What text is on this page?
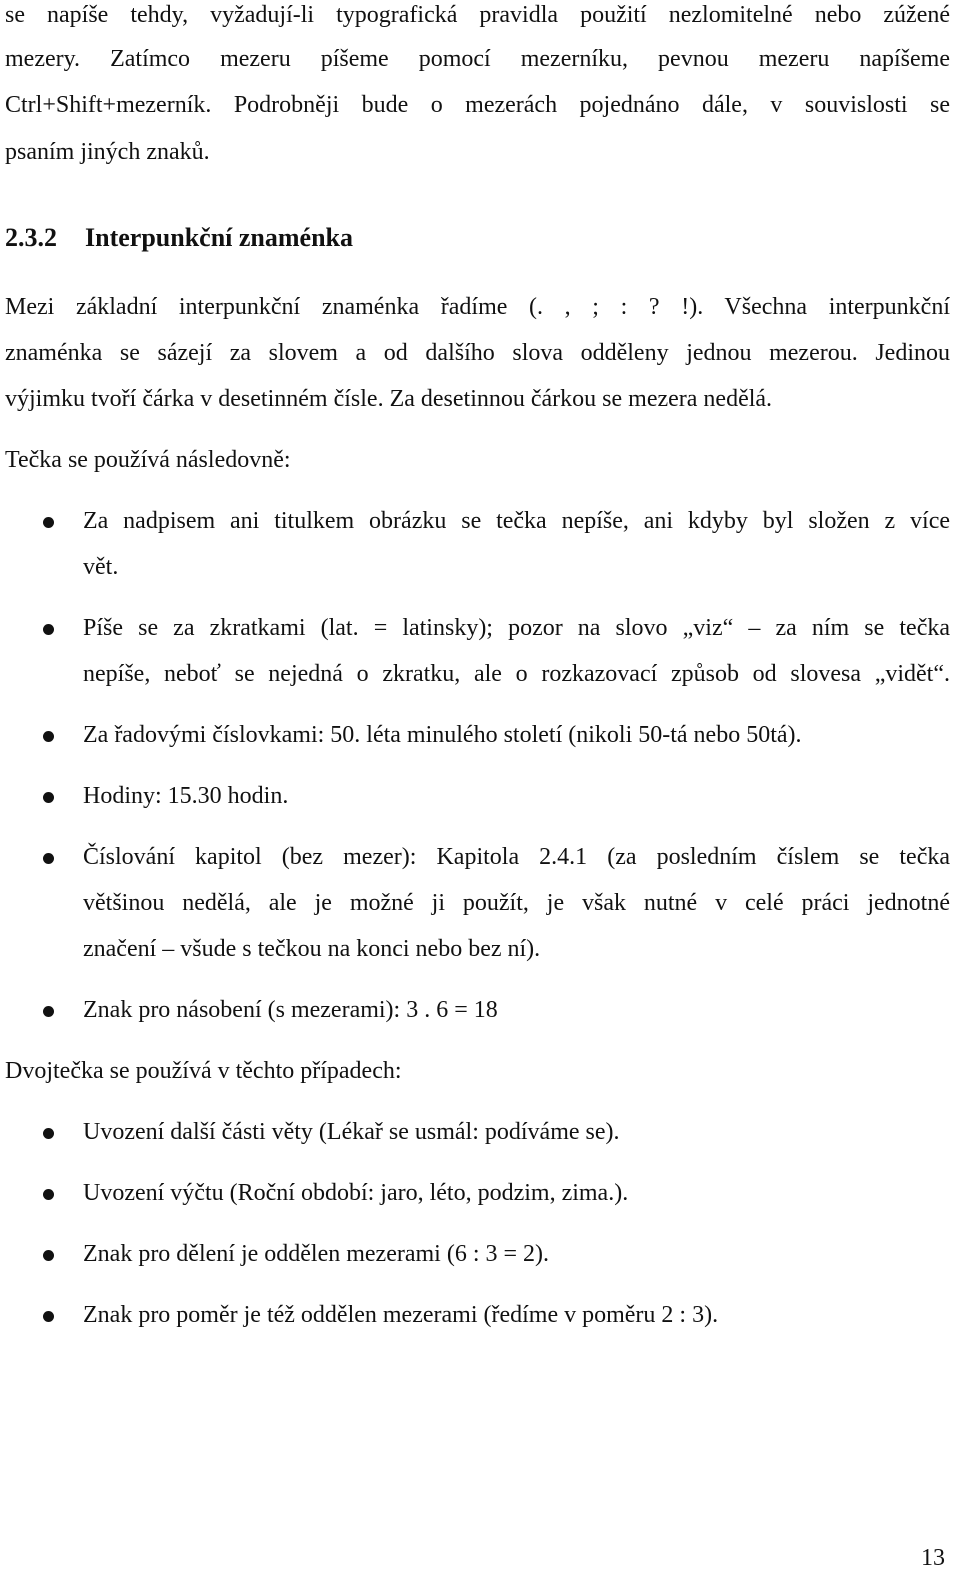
se napíše tehdy, vyžadují-li typografická pravidla použití nezlomitelné nebo zúžené
mezery. Zatímco mezeru píšeme pomocí mezerníku, pevnou mezeru napíšeme
Ctrl+Shift+mezerník. Podrobněji bude o mezerách pojednáno dále, v souvislosti se
psaním jiných znaků.
2.3.2 Interpunkční znaménka
Mezi základní interpunkční znaménka řadíme (. , ; : ? !). Všechna interpunkční
znaménka se sázejí za slovem a od dalšího slova odděleny jednou mezerou. Jedinou
výjimku tvoří čárka v desetinném čísle. Za desetinnou čárkou se mezera nedělá.
Tečka se používá následovně:
Za nadpisem ani titulkem obrázku se tečka nepíše, ani kdyby byl složen z více
vět.
Píše se za zkratkami (lat. = latinsky); pozor na slovo „viz“ – za ním se tečka
nepíše, neboť se nejedná o zkratku, ale o rozkazovací způsob od slovesa „vidět“.
Za řadovými číslovkami: 50. léta minulého století (nikoli 50-tá nebo 50tá).
Hodiny: 15.30 hodin.
Číslování kapitol (bez mezer): Kapitola 2.4.1 (za posledním číslem se tečka
většinou nedělá, ale je možné ji použít, je však nutné v celé práci jednotné
značení – všude s tečkou na konci nebo bez ní).
Znak pro násobení (s mezerami): 3 . 6 = 18
Dvojtečka se používá v těchto případech:
Uvození další části věty (Lékař se usmál: podíváme se).
Uvození výčtu (Roční období: jaro, léto, podzim, zima.).
Znak pro dělení je oddělen mezerami (6 : 3 = 2).
Znak pro poměr je též oddělen mezerami (ředíme v poměru 2 : 3).
13
